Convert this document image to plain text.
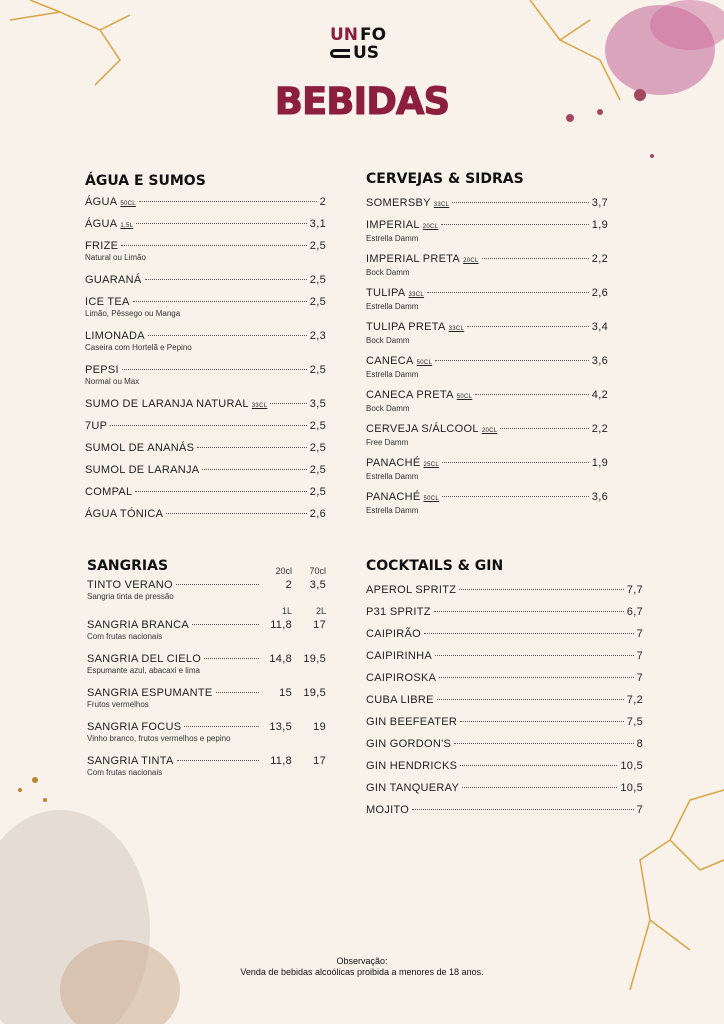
UN FO
US
BEBIDAS
ÁGUA E SUMOS
ÁGUA 50CL	2
ÁGUA 1,5L	3,1
FRIZE	2,5
Natural ou Limão
GUARANÁ	2,5
ICE TEA	2,5
Limão, Pêssego ou Manga
LIMONADA	2,3
Caseira com Hortelã e Pepino
PEPSI	2,5
Normal ou Max
SUMO DE LARANJA NATURAL 33CL	3,5
7UP	2,5
SUMOL DE ANANÁS	2,5
SUMOL DE LARANJA	2,5
COMPAL	2,5
ÁGUA TÓNICA	2,6
CERVEJAS & SIDRAS
SOMERSBY 33CL	3,7
IMPERIAL 20CL	1,9
Estrella Damm
IMPERIAL PRETA 20CL	2,2
Bock Damm
TULIPA 33CL	2,6
Estrella Damm
TULIPA PRETA 33CL	3,4
Bock Damm
CANECA 50CL	3,6
Estrella Damm
CANECA PRETA 50CL	4,2
Bock Damm
CERVEJA S/ÁLCOOL 20CL	2,2
Free Damm
PANACHÉ 25CL	1,9
Estrella Damm
PANACHÉ 50CL	3,6
Estrella Damm
SANGRIAS	20cl	70cl
TINTO VERANO	2	3,5
Sangria tinta de pressão
1L	2L
SANGRIA BRANCA	11,8	17
Com frutas nacionais
SANGRIA DEL CIELO	14,8	19,5
Espumante azul, abacaxi e lima
SANGRIA ESPUMANTE	15	19,5
Frutos vermelhos
SANGRIA FOCUS	13,5	19
Vinho branco, frutos vermelhos e pepino
SANGRIA TINTA	11,8	17
Com frutas nacionais
COCKTAILS & GIN
APEROL SPRITZ	7,7
P31 SPRITZ	6,7
CAIPIRÃO	7
CAIPIRINHA	7
CAIPIROSKA	7
CUBA LIBRE	7,2
GIN BEEFEATER	7,5
GIN GORDON'S	8
GIN HENDRICKS	10,5
GIN TANQUERAY	10,5
MOJITO	7
Observação:
Venda de bebidas alcoólicas proibida a menores de 18 anos.
